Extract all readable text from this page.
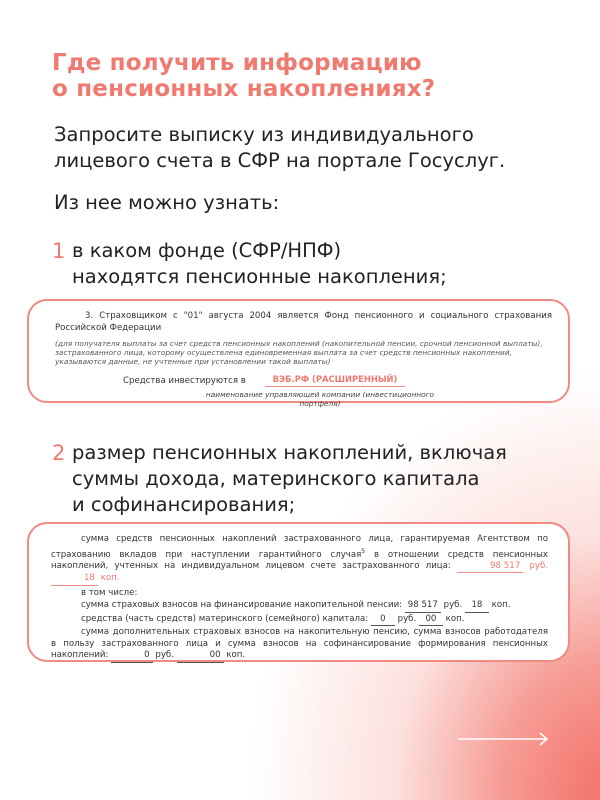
Где получить информацию
о пенсионных накоплениях?
Запросите выписку из индивидуального
лицевого счета в СФР на портале Госуслуг.
Из нее можно узнать:
1 в каком фонде (СФР/НПФ)
находятся пенсионные накопления;

3. Страховщиком с "01" августа 2004 является Фонд пенсионного и социального страхования Российской Федерации

(для получателя выплаты за счет средств пенсионных накоплений (накопительной пенсии, срочной пенсионной выплаты), застрахованного лица, которому осуществлена единовременная выплата за счет средств пенсионных накоплений, указываются данные, не учтенные при установлении такой выплаты)
Средства инвестируются в	ВЭБ.РФ (РАСШИРЕННЫЙ)
наименование управляющей компании (инвестиционного портфеля)
2 размер пенсионных накоплений, включая
суммы дохода, материнского капитала
и софинансирования;

сумма средств пенсионных накоплений застрахованного лица, гарантируемая Агентством по страхованию вкладов при наступлении гарантийного случая$^5$ в отношении средств пенсионных накоплений, учтенных на индивидуальном лицевом счете застрахованного лица:	98 517 руб. 18 коп.

в том числе:
сумма страховых взносов на финансирование накопительной пенсии: 98 517 руб. 18 коп.
средства (часть средств) материнского (семейного) капитала: 0 руб. 00 коп.

сумма дополнительных страховых взносов на накопительную пенсию, сумма взносов работодателя в пользу застрахованного лица и сумма взносов на софинансирование формирования пенсионных накоплений:	0 руб.	00 коп.
